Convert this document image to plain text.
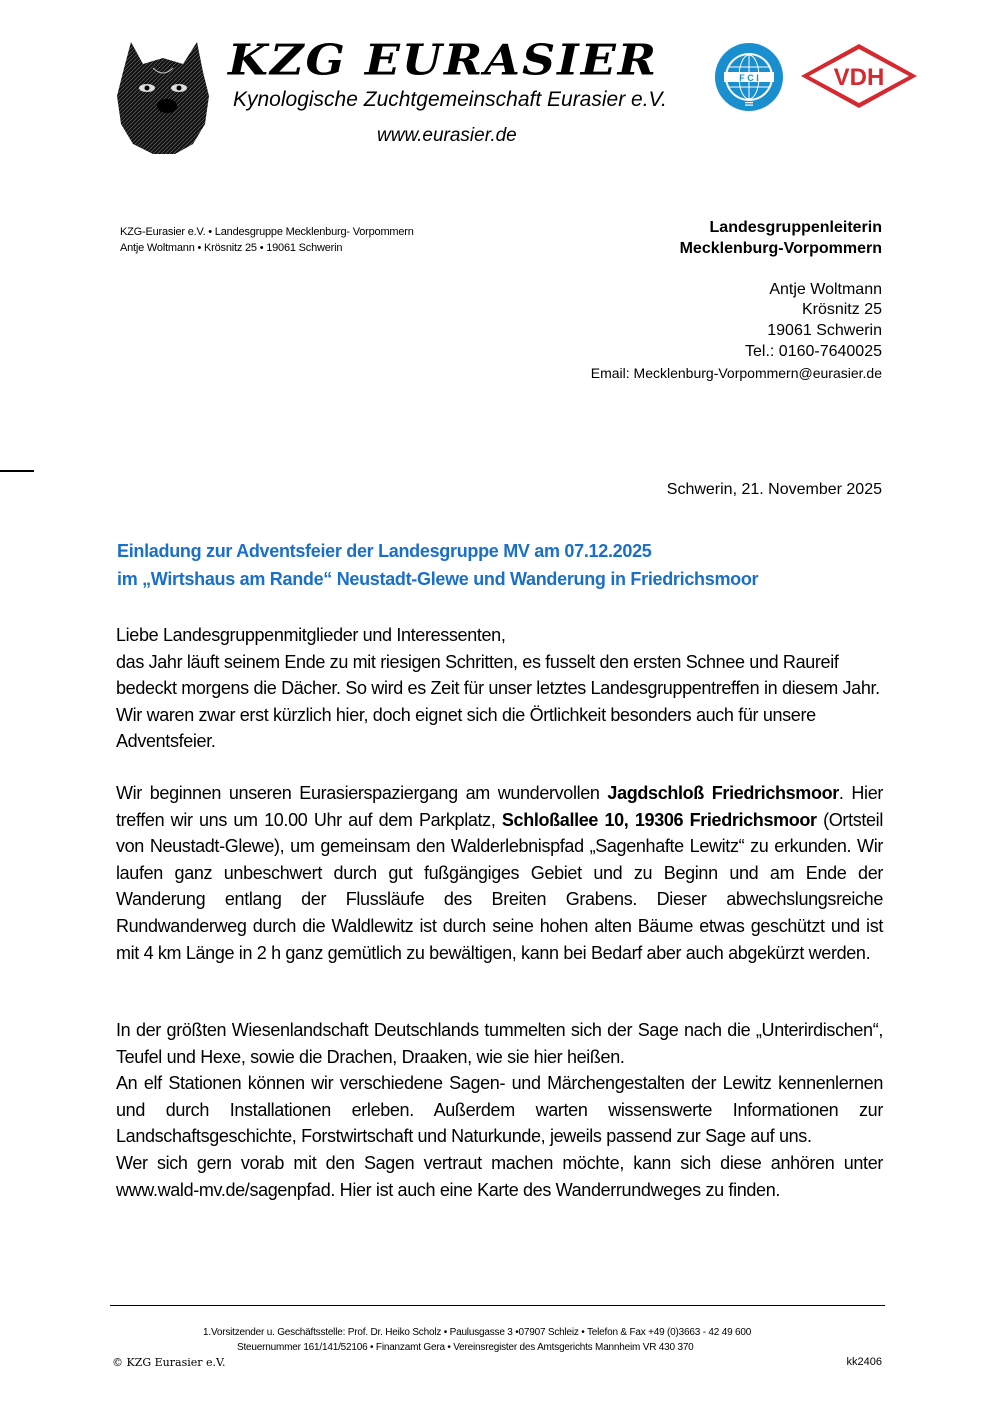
KZG EURASIER
Kynologische Zuchtgemeinschaft Eurasier e.V.
www.eurasier.de
F C I	VDH
KZG-Eurasier e.V. • Landesgruppe Mecklenburg- Vorpommern
Antje Woltmann • Krösnitz 25 • 19061 Schwerin
Landesgruppenleiterin
Mecklenburg-Vorpommern
Antje Woltmann
Krösnitz 25
19061 Schwerin
Tel.: 0160-7640025
Email: Mecklenburg-Vorpommern@eurasier.de
Schwerin, 21. November 2025
Einladung zur Adventsfeier der Landesgruppe MV am 07.12.2025
im „Wirtshaus am Rande“ Neustadt-Glewe und Wanderung in Friedrichsmoor

Liebe Landesgruppenmitglieder und Interessenten,

das Jahr läuft seinem Ende zu mit riesigen Schritten, es fusselt den ersten Schnee und Raureif bedeckt morgens die Dächer. So wird es Zeit für unser letztes Landesgruppentreffen in diesem Jahr. Wir waren zwar erst kürzlich hier, doch eignet sich die Örtlichkeit besonders auch für unsere Adventsfeier.

Wir beginnen unseren Eurasierspaziergang am wundervollen Jagdschloß Friedrichsmoor. Hier treffen wir uns um 10.00 Uhr auf dem Parkplatz, Schloßallee 10, 19306 Friedrichsmoor (Ortsteil von Neustadt-Glewe), um gemeinsam den Walderlebnispfad „Sagenhafte Lewitz“ zu erkunden. Wir laufen ganz unbeschwert durch gut fußgängiges Gebiet und zu Beginn und am Ende der Wanderung entlang der Flussläufe des Breiten Grabens. Dieser abwechslungsreiche Rundwanderweg durch die Waldlewitz ist durch seine hohen alten Bäume etwas geschützt und ist mit 4 km Länge in 2 h ganz gemütlich zu bewältigen, kann bei Bedarf aber auch abgekürzt werden.

In der größten Wiesenlandschaft Deutschlands tummelten sich der Sage nach die „Unterirdischen“, Teufel und Hexe, sowie die Drachen, Draaken, wie sie hier heißen.

An elf Stationen können wir verschiedene Sagen- und Märchengestalten der Lewitz kennenlernen und durch Installationen erleben. Außerdem warten wissenswerte Informationen zur Landschaftsgeschichte, Forstwirtschaft und Naturkunde, jeweils passend zur Sage auf uns.

Wer sich gern vorab mit den Sagen vertraut machen möchte, kann sich diese anhören unter www.wald-mv.de/sagenpfad. Hier ist auch eine Karte des Wanderrundweges zu finden.

1.Vorsitzender u. Geschäftsstelle: Prof. Dr. Heiko Scholz • Paulusgasse 3 •07907 Schleiz • Telefon & Fax +49 (0)3663 - 42 49 600
Steuernummer 161/141/52106 • Finanzamt Gera • Vereinsregister des Amtsgerichts Mannheim VR 430 370
© KZG Eurasier e.V.	kk2406
